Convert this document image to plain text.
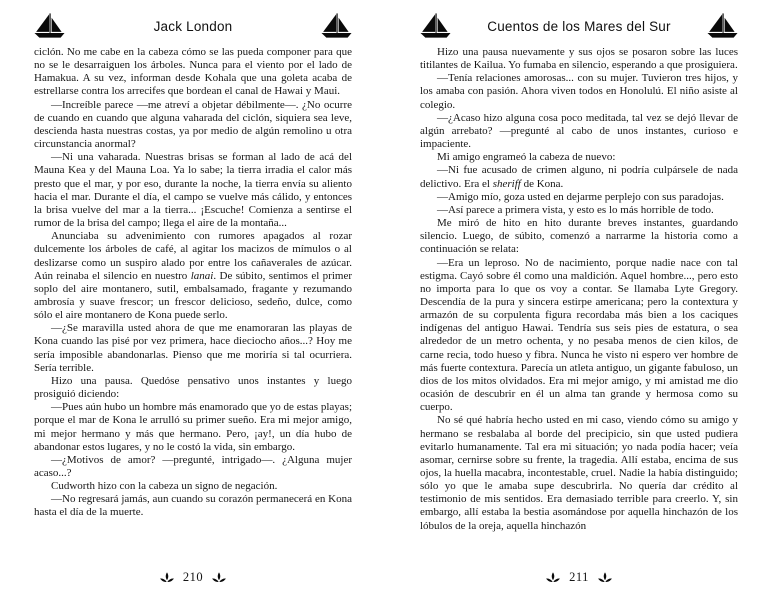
Jack London

ciclón. No me cabe en la cabeza cómo se las pueda componer para que no se le desarraiguen los árboles. Nunca para el viento por el lado de Hamakua. A su vez, informan desde Kohala que una goleta acaba de estrellarse contra los arrecifes que bordean el canal de Hawai y Maui.

—Increíble parece —me atreví a objetar débilmente—. ¿No ocurre de cuando en cuando que alguna vaharada del ciclón, siquiera sea leve, descienda hasta nuestras costas, ya por medio de algún remolino u otra circunstancia anormal?

—Ni una vaharada. Nuestras brisas se forman al lado de acá del Mauna Kea y del Mauna Loa. Ya lo sabe; la tierra irradia el calor más presto que el mar, y por eso, durante la noche, la tierra envía su aliento hacia el mar. Durante el día, el campo se vuelve más cálido, y entonces la brisa vuelve del mar a la tierra... ¡Escuche! Comienza a sentirse el rumor de la brisa del campo; llega el aire de la montaña...

Anunciaba su advenimiento con rumores apagados al rozar dulcemente los árboles de café, al agitar los macizos de mímulos o al deslizarse como un suspiro alado por entre los cañaverales de azúcar. Aún reinaba el silencio en nuestro lanai. De súbito, sentimos el primer soplo del aire montanero, sutil, embalsamado, fragante y rezumando ambrosía y suave frescor; un frescor delicioso, sedeño, dulce, como sólo el aire montanero de Kona puede serlo.

—¿Se maravilla usted ahora de que me enamoraran las playas de Kona cuando las pisé por vez primera, hace dieciocho años...? Hoy me sería imposible abandonarlas. Pienso que me moriría si tal ocurriera. Sería terrible.

Hizo una pausa. Quedóse pensativo unos instantes y luego prosiguió diciendo:

—Pues aún hubo un hombre más enamorado que yo de estas playas; porque el mar de Kona le arrulló su primer sueño. Era mi mejor amigo, mi mejor hermano y más que hermano. Pero, ¡ay!, un día hubo de abandonar estos lugares, y no le costó la vida, sin embargo.

—¿Motivos de amor? —pregunté, intrigado—. ¿Alguna mujer acaso...?

Cudworth hizo con la cabeza un signo de negación.

—No regresará jamás, aun cuando su corazón permanecerá en Kona hasta el día de la muerte.

210
Cuentos de los Mares del Sur

Hizo una pausa nuevamente y sus ojos se posaron sobre las luces titilantes de Kailua. Yo fumaba en silencio, esperando a que prosiguiera.

—Tenía relaciones amorosas... con su mujer. Tuvieron tres hijos, y los amaba con pasión. Ahora viven todos en Honolulú. El niño asiste al colegio.

—¿Acaso hizo alguna cosa poco meditada, tal vez se dejó llevar de algún arrebato? —pregunté al cabo de unos instantes, curioso e impaciente.

Mi amigo engrameó la cabeza de nuevo:

—Ni fue acusado de crimen alguno, ni podría culpársele de nada delictivo. Era el sheriff de Kona.

—Amigo mío, goza usted en dejarme perplejo con sus paradojas.

—Así parece a primera vista, y esto es lo más horrible de todo.

Me miró de hito en hito durante breves instantes, guardando silencio. Luego, de súbito, comenzó a narrarme la historia como a continuación se relata:

—Era un leproso. No de nacimiento, porque nadie nace con tal estigma. Cayó sobre él como una maldición. Aquel hombre..., pero esto no importa para lo que os voy a contar. Se llamaba Lyte Gregory. Descendía de la pura y sincera estirpe americana; pero la contextura y armazón de su corpulenta figura recordaba más bien a los caciques indígenas del antiguo Hawai. Tendría sus seis pies de estatura, o sea alrededor de un metro ochenta, y no pesaba menos de cien kilos, de carne recia, todo hueso y fibra. Nunca he visto ni espero ver hombre de más fuerte contextura. Parecía un atleta antiguo, un gigante fabuloso, un dios de los mitos olvidados. Era mi mejor amigo, y mi amistad me dio ocasión de descubrir en él un alma tan grande y hermosa como su cuerpo.

No sé qué habría hecho usted en mi caso, viendo cómo su amigo y hermano se resbalaba al borde del precipicio, sin que usted pudiera evitarlo humanamente. Tal era mi situación; yo nada podía hacer; veía asomar, cernirse sobre su frente, la tragedia. Allí estaba, encima de sus ojos, la huella macabra, incontestable, cruel. Nadie la había distinguido; sólo yo que le amaba supe descubrirla. No quería dar crédito al testimonio de mis sentidos. Era demasiado terrible para creerlo. Y, sin embargo, allí estaba la bestia asomándose por aquella hinchazón de los lóbulos de la oreja, aquella hinchazón

211
